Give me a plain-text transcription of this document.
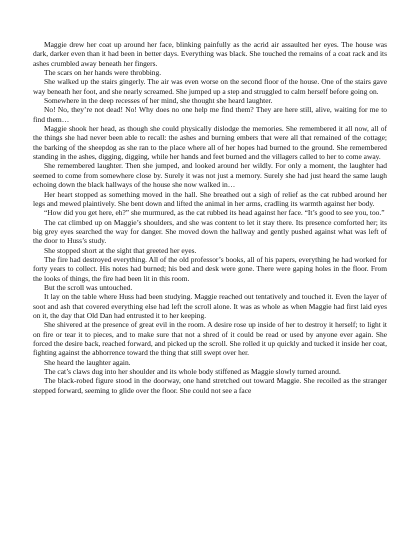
Maggie drew her coat up around her face, blinking painfully as the acrid air assaulted her eyes. The house was dark, darker even than it had been in better days. Everything was black. She touched the remains of a coat rack and its ashes crumbled away beneath her fingers.

The scars on her hands were throbbing.

She walked up the stairs gingerly. The air was even worse on the second floor of the house. One of the stairs gave way beneath her foot, and she nearly screamed. She jumped up a step and struggled to calm herself before going on.

Somewhere in the deep recesses of her mind, she thought she heard laughter.

No! No, they’re not dead! No! Why does no one help me find them? They are here still, alive, waiting for me to find them…

Maggie shook her head, as though she could physically dislodge the memories. She remembered it all now, all of the things she had never been able to recall: the ashes and burning embers that were all that remained of the cottage; the barking of the sheepdog as she ran to the place where all of her hopes had burned to the ground. She remembered standing in the ashes, digging, digging, while her hands and feet burned and the villagers called to her to come away.

She remembered laughter. Then she jumped, and looked around her wildly. For only a moment, the laughter had seemed to come from somewhere close by. Surely it was not just a memory. Surely she had just heard the same laugh echoing down the black hallways of the house she now walked in…

Her heart stopped as something moved in the hall. She breathed out a sigh of relief as the cat rubbed around her legs and mewed plaintively. She bent down and lifted the animal in her arms, cradling its warmth against her body.

“How did you get here, eh?” she murmured, as the cat rubbed its head against her face. “It’s good to see you, too.”

The cat climbed up on Maggie’s shoulders, and she was content to let it stay there. Its presence comforted her; its big grey eyes searched the way for danger. She moved down the hallway and gently pushed against what was left of the door to Huss’s study.

She stopped short at the sight that greeted her eyes.

The fire had destroyed everything. All of the old professor’s books, all of his papers, everything he had worked for forty years to collect. His notes had burned; his bed and desk were gone. There were gaping holes in the floor. From the looks of things, the fire had been lit in this room.

But the scroll was untouched.

It lay on the table where Huss had been studying. Maggie reached out tentatively and touched it. Even the layer of soot and ash that covered everything else had left the scroll alone. It was as whole as when Maggie had first laid eyes on it, the day that Old Dan had entrusted it to her keeping.

She shivered at the presence of great evil in the room. A desire rose up inside of her to destroy it herself; to light it on fire or tear it to pieces, and to make sure that not a shred of it could be read or used by anyone ever again. She forced the desire back, reached forward, and picked up the scroll. She rolled it up quickly and tucked it inside her coat, fighting against the abhorrence toward the thing that still swept over her.

She heard the laughter again.

The cat’s claws dug into her shoulder and its whole body stiffened as Maggie slowly turned around.

The black-robed figure stood in the doorway, one hand stretched out toward Maggie. She recoiled as the stranger stepped forward, seeming to glide over the floor. She could not see a face
